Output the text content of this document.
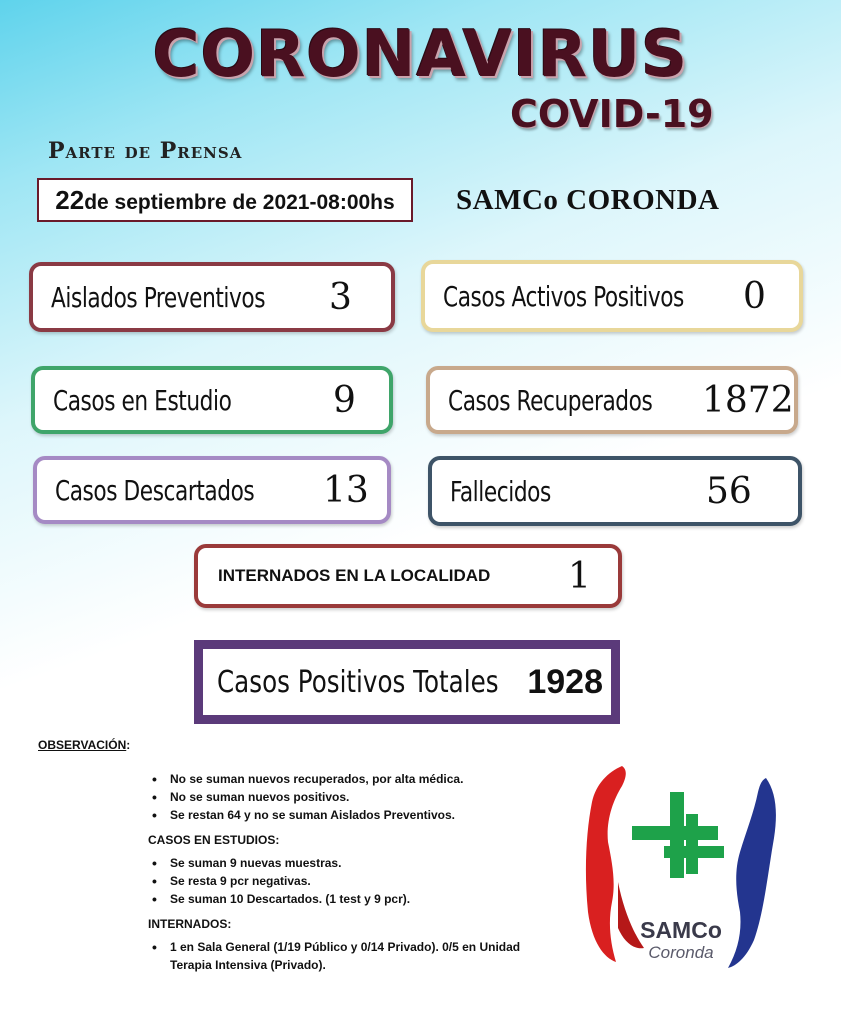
CORONAVIRUS
COVID-19
Parte de Prensa
22de septiembre de 2021-08:00hs	SAMCo CORONDA
Aislados Preventivos 3	Casos Activos Positivos 0
Casos en Estudio	9	Casos Recuperados 1872
Casos Descartados 13	Fallecidos	56
INTERNADOS EN LA LOCALIDAD 1
Casos Positivos Totales 1928
OBSERVACIÓN:
• No se suman nuevos recuperados, por alta médica.
• No se suman nuevos positivos.
• Se restan 64 y no se suman Aislados Preventivos.
CASOS EN ESTUDIOS:
• Se suman 9 nuevas muestras.
• Se resta 9 pcr negativas.
• Se suman 10 Descartados. (1 test y 9 pcr).
INTERNADOS:
• 1 en Sala General (1/19 Público y 0/14 Privado). 0/5 en Unidad Terapia Intensiva (Privado).
SAMCo
Coronda
